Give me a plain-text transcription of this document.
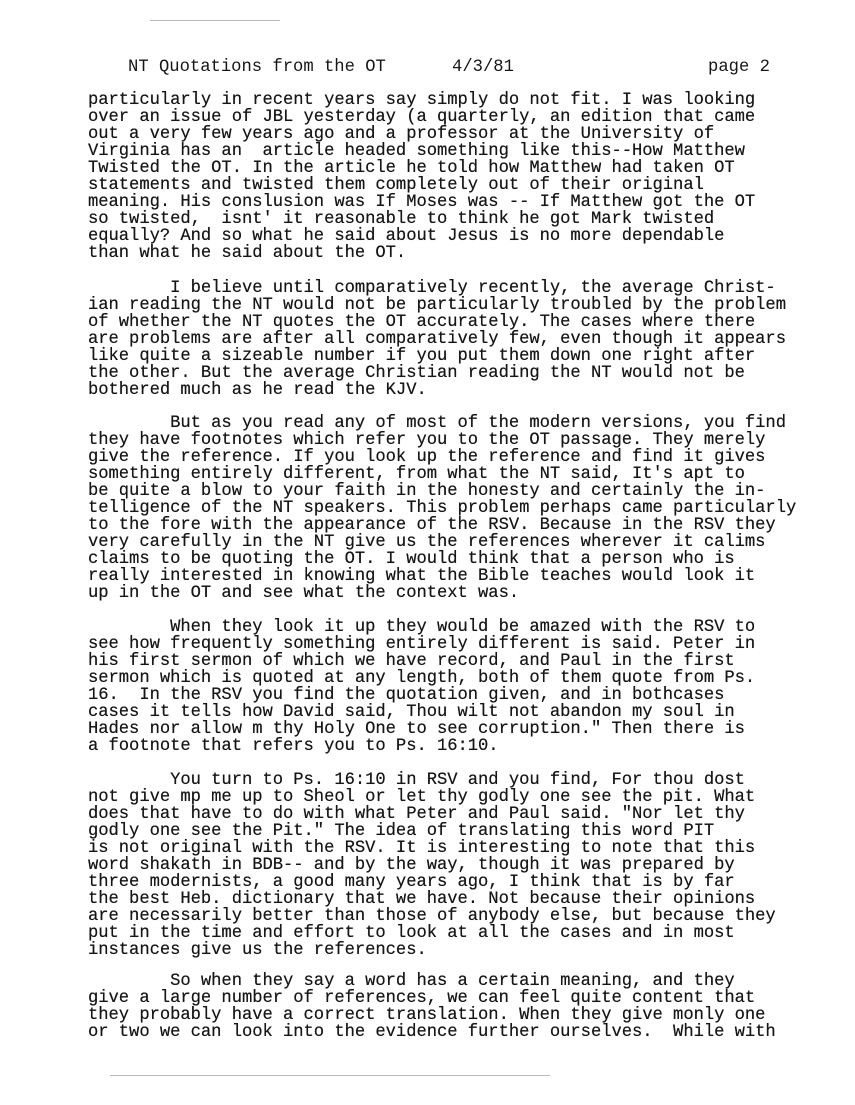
NT Quotations from the OT	4/3/81	page 2
particularly in recent years say simply do not fit. I was looking
over an issue of JBL yesterday (a quarterly, an edition that came
out a very few years ago and a professor at the University of
Virginia has an  article headed something like this--How Matthew
Twisted the OT. In the article he told how Matthew had taken OT
statements and twisted them completely out of their original
meaning. His conslusion was If Moses was -- If Matthew got the OT
so twisted,  isnt' it reasonable to think he got Mark twisted
equally? And so what he said about Jesus is no more dependable
than what he said about the OT.
I believe until comparatively recently, the average Christ-
ian reading the NT would not be particularly troubled by the problem
of whether the NT quotes the OT accurately. The cases where there
are problems are after all comparatively few, even though it appears
like quite a sizeable number if you put them down one right after
the other. But the average Christian reading the NT would not be
bothered much as he read the KJV.
But as you read any of most of the modern versions, you find
they have footnotes which refer you to the OT passage. They merely
give the reference. If you look up the reference and find it gives
something entirely different, from what the NT said, It's apt to
be quite a blow to your faith in the honesty and certainly the in-
telligence of the NT speakers. This problem perhaps came particularly
to the fore with the appearance of the RSV. Because in the RSV they
very carefully in the NT give us the references wherever it calims
claims to be quoting the OT. I would think that a person who is
really interested in knowing what the Bible teaches would look it
up in the OT and see what the context was.
When they look it up they would be amazed with the RSV to
see how frequently something entirely different is said. Peter in
his first sermon of which we have record, and Paul in the first
sermon which is quoted at any length, both of them quote from Ps.
16.  In the RSV you find the quotation given, and in bothcases
cases it tells how David said, Thou wilt not abandon my soul in
Hades nor allow m thy Holy One to see corruption." Then there is
a footnote that refers you to Ps. 16:10.
You turn to Ps. 16:10 in RSV and you find, For thou dost
not give mp me up to Sheol or let thy godly one see the pit. What
does that have to do with what Peter and Paul said. "Nor let thy
godly one see the Pit." The idea of translating this word PIT
is not original with the RSV. It is interesting to note that this
word shakath in BDB-- and by the way, though it was prepared by
three modernists, a good many years ago, I think that is by far
the best Heb. dictionary that we have. Not because their opinions
are necessarily better than those of anybody else, but because they
put in the time and effort to look at all the cases and in most
instances give us the references.
So when they say a word has a certain meaning, and they
give a large number of references, we can feel quite content that
they probably have a correct translation. When they give monly one
or two we can look into the evidence further ourselves.  While with
